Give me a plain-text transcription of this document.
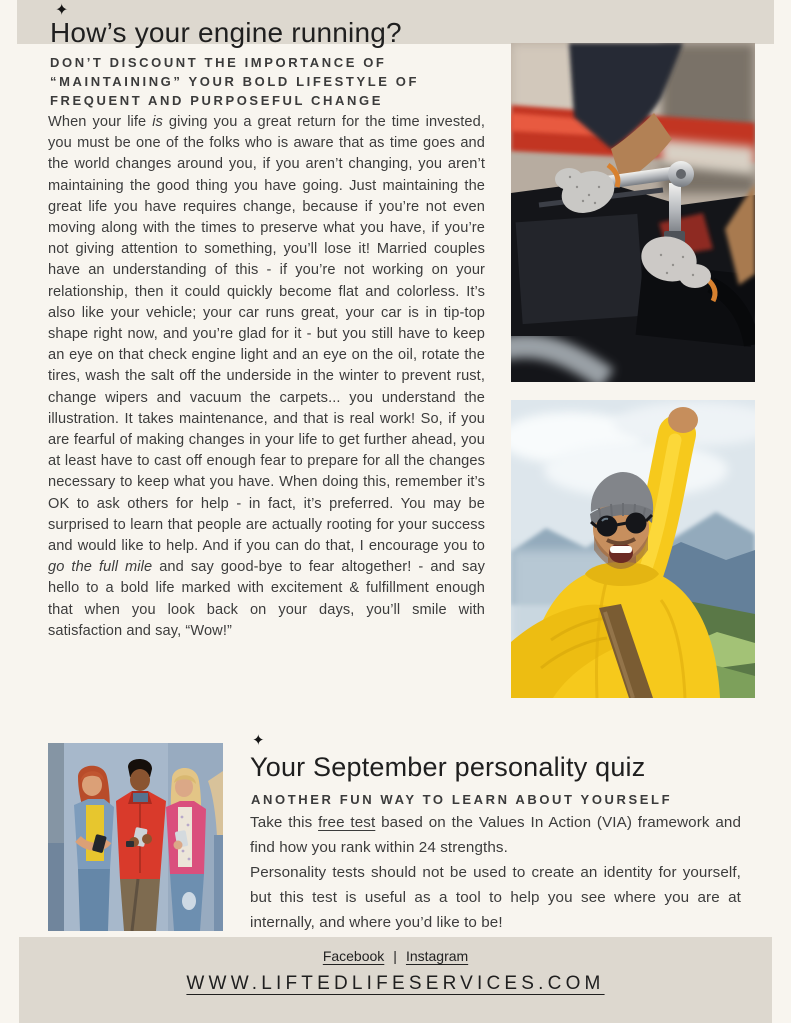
✦
How’s your engine running?
DON’T DISCOUNT THE IMPORTANCE OF
“MAINTAINING” YOUR BOLD LIFESTYLE OF
FREQUENT AND PURPOSEFUL CHANGE

When your life is giving you a great return for the time invested, you must be one of the folks who is aware that as time goes and the world changes around you, if you aren’t changing, you aren’t maintaining the good thing you have going. Just maintaining the great life you have requires change, because if you’re not even moving along with the times to preserve what you have, if you’re not giving attention to something, you’ll lose it! Married couples have an understanding of this - if you’re not working on your relationship, then it could quickly become flat and colorless. It’s also like your vehicle; your car runs great, your car is in tip-top shape right now, and you’re glad for it - but you still have to keep an eye on that check engine light and an eye on the oil, rotate the tires, wash the salt off the underside in the winter to prevent rust, change wipers and vacuum the carpets... you understand the illustration. It takes maintenance, and that is real work! So, if you are fearful of making changes in your life to get further ahead, you at least have to cast off enough fear to prepare for all the changes necessary to keep what you have. When doing this, remember it’s OK to ask others for help - in fact, it’s preferred. You may be surprised to learn that people are actually rooting for your success and would like to help. And if you can do that, I encourage you to go the full mile and say good-bye to fear altogether! - and say hello to a bold life marked with excitement & fulfillment enough that when you look back on your days, you’ll smile with satisfaction and say, “Wow!”

✦
Your September personality quiz
ANOTHER FUN WAY TO LEARN ABOUT YOURSELF

Take this free test based on the Values In Action (VIA) framework and find how you rank within 24 strengths.
Personality tests should not be used to create an identity for yourself, but this test is useful as a tool to help you see where you are at internally, and where you’d like to be!

Facebook | Instagram
WWW.LIFTEDLIFESERVICES.COM
